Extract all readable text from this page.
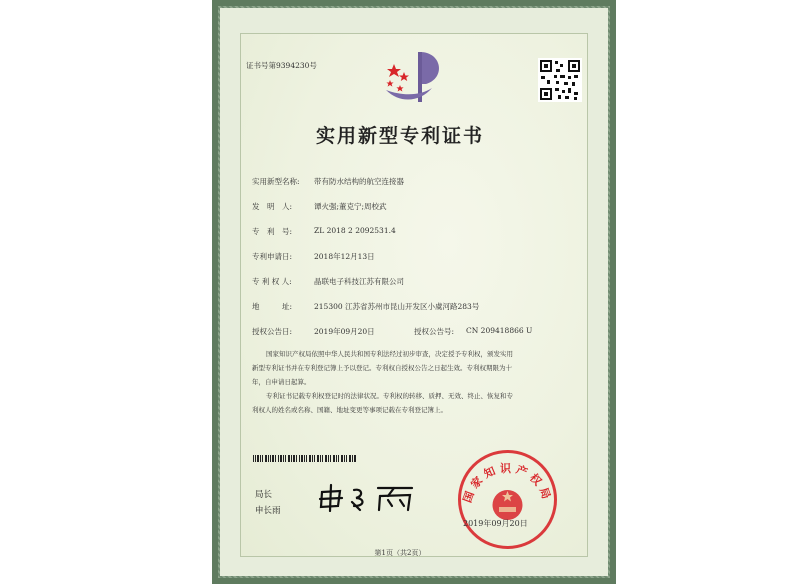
证书号第9394230号
实用新型专利证书
实用新型名称: 带有防水结构的航空连接器
发　明　人:	谭火强;董克宁;周校武
专　利　号:	ZL 2018 2 2092531.4
专利申请日:	2018年12月13日
专 利 权 人:	晶联电子科技江苏有限公司
地　　　址:	215300 江苏省苏州市昆山开发区小虞河路283号
授权公告日:	2019年09月20日	授权公告号: CN 209418866 U
国家知识产权局依照中华人民共和国专利法经过初步审查，决定授予专利权，颁发实用
新型专利证书并在专利登记簿上予以登记。专利权自授权公告之日起生效。专利权期限为十
年，自申请日起算。
专利证书记载专利权登记时的法律状况。专利权的转移、质押、无效、终止、恢复和专
利权人的姓名或名称、国籍、地址变更等事项记载在专利登记簿上。
局长
申长雨
国家知识产权局
2019年09月20日
第1页（共2页）
